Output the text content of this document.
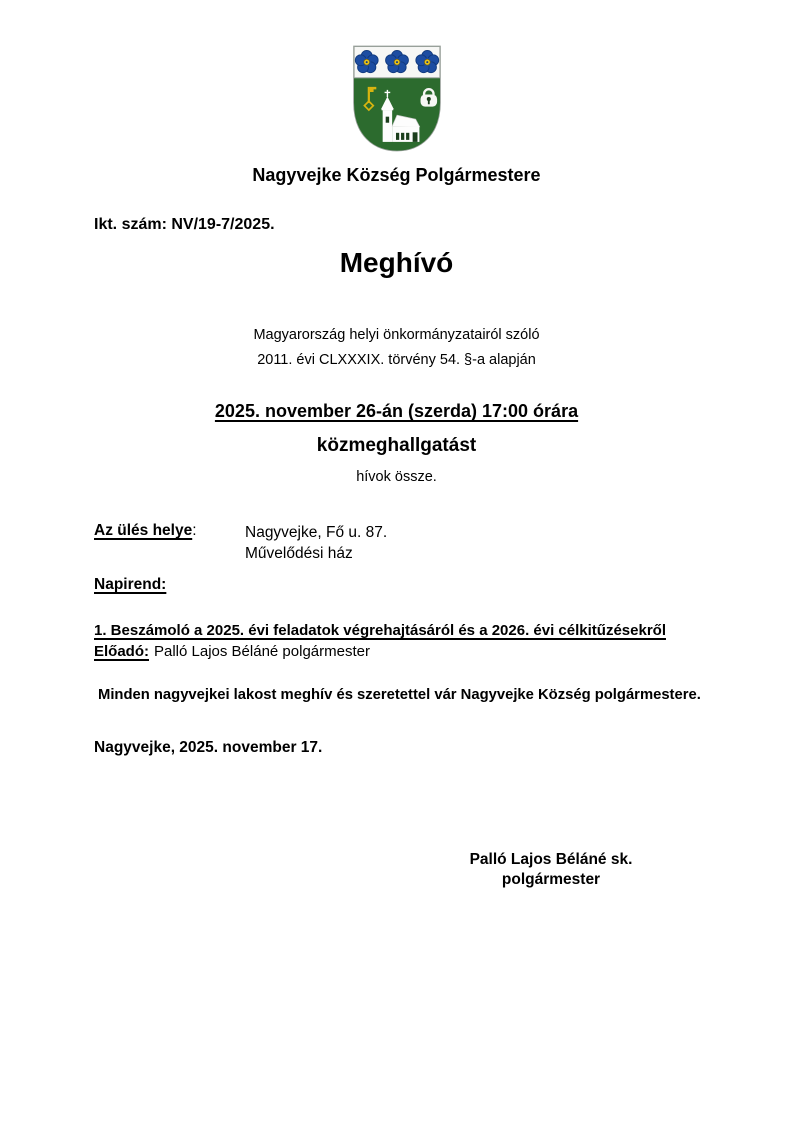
Nagyvejke Község Polgármestere
Ikt. szám: NV/19-7/2025.
Meghívó
Magyarország helyi önkormányzatairól szóló
2011. évi CLXXXIX. törvény 54. §-a alapján
2025. november 26-án (szerda) 17:00 órára
közmeghallgatást
hívok össze.
Az ülés helye:	Nagyvejke, Fő u. 87.
Művelődési ház
Napirend:
1. Beszámoló a 2025. évi feladatok végrehajtásáról és a 2026. évi célkitűzésekről
Előadó: Palló Lajos Béláné polgármester
Minden nagyvejkei lakost meghív és szeretettel vár Nagyvejke Község polgármestere.
Nagyvejke, 2025. november 17.
Palló Lajos Béláné sk.
polgármester
